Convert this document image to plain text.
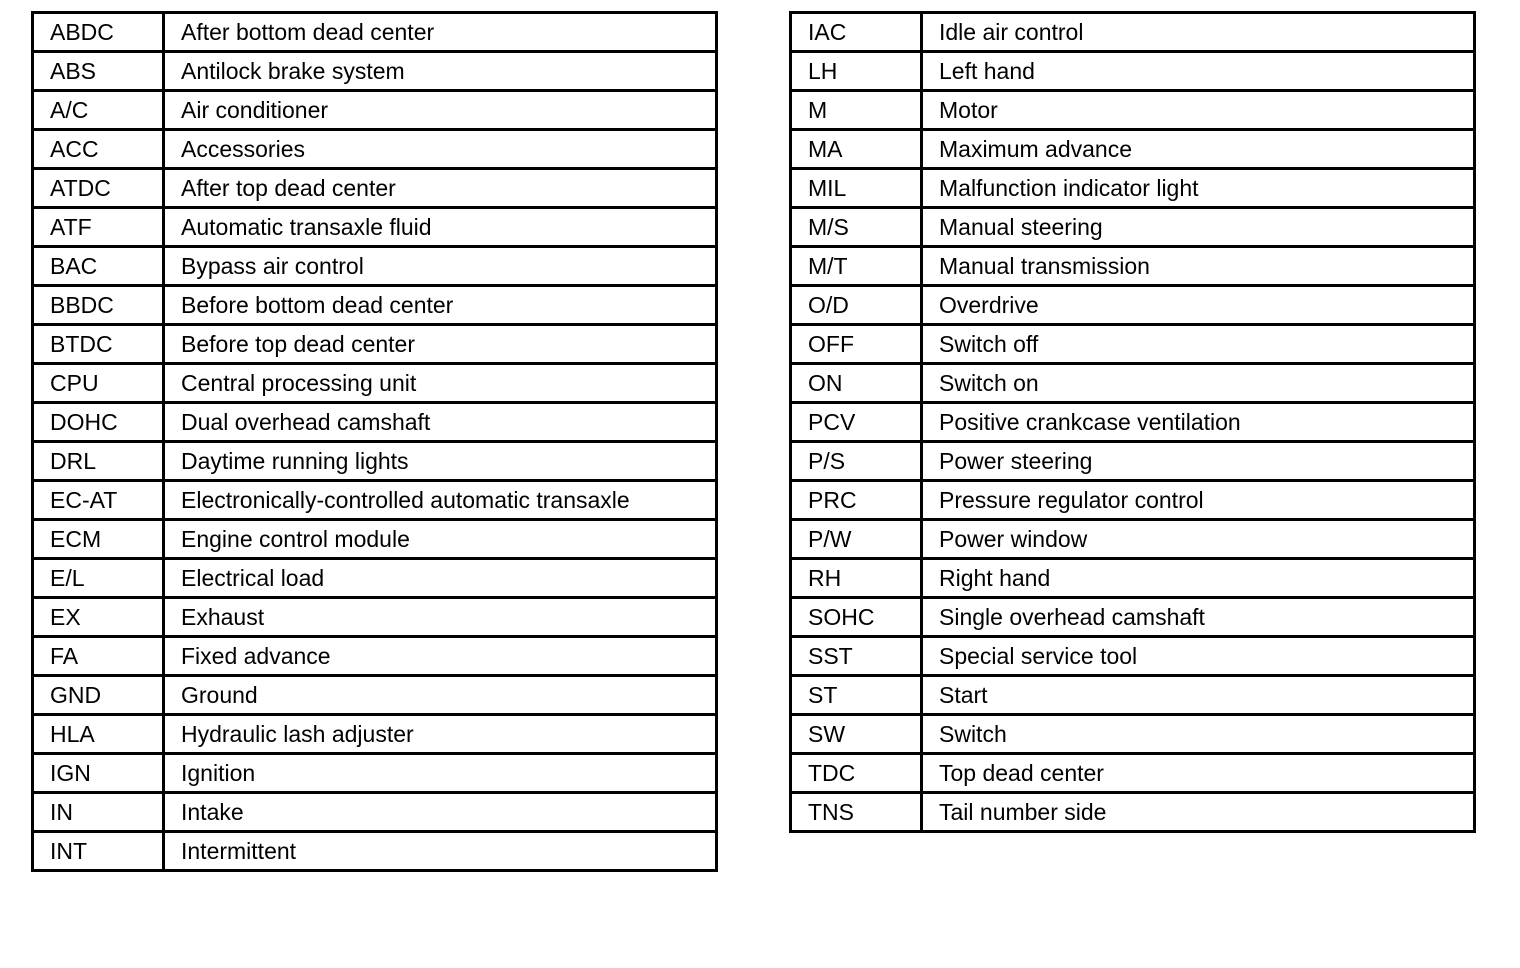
ABDC	After bottom dead center
ABS	Antilock brake system
A/C	Air conditioner
ACC	Accessories
ATDC	After top dead center
ATF	Automatic transaxle fluid
BAC	Bypass air control
BBDC	Before bottom dead center
BTDC	Before top dead center
CPU	Central processing unit
DOHC	Dual overhead camshaft
DRL	Daytime running lights
EC-AT	Electronically-controlled automatic transaxle
ECM	Engine control module
E/L	Electrical load
EX	Exhaust
FA	Fixed advance
GND	Ground
HLA	Hydraulic lash adjuster
IGN	Ignition
IN	Intake
INT	Intermittent
IAC	Idle air control
LH	Left hand
M	Motor
MA	Maximum advance
MIL	Malfunction indicator light
M/S	Manual steering
M/T	Manual transmission
O/D	Overdrive
OFF	Switch off
ON	Switch on
PCV	Positive crankcase ventilation
P/S	Power steering
PRC	Pressure regulator control
P/W	Power window
RH	Right hand
SOHC	Single overhead camshaft
SST	Special service tool
ST	Start
SW	Switch
TDC	Top dead center
TNS	Tail number side
